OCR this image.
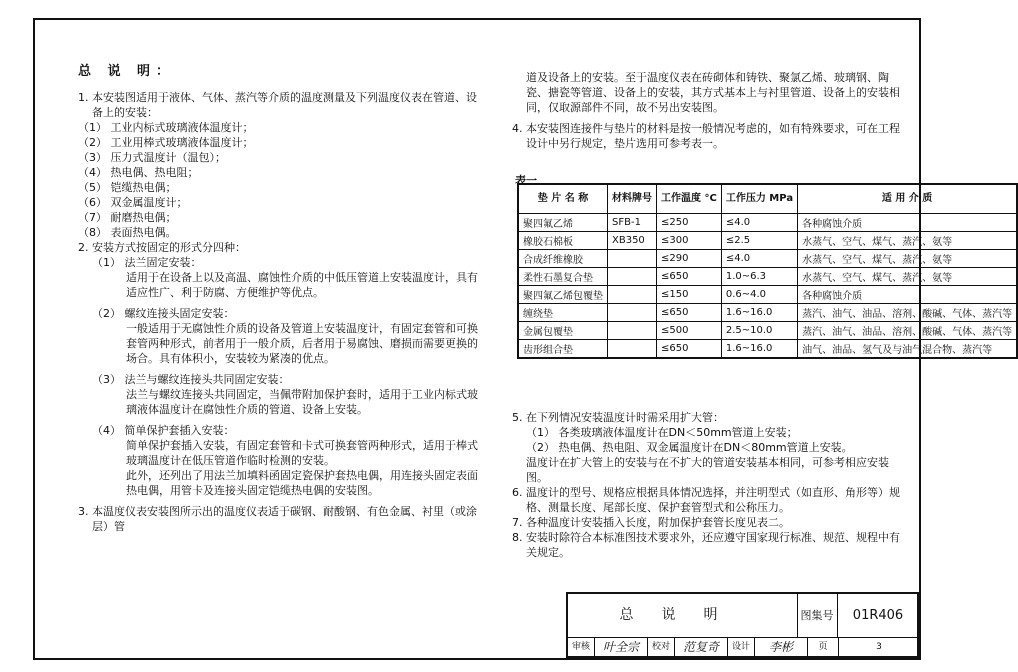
总 说 明：

1. 本安装图适用于液体、气体、蒸汽等介质的温度测量及下列温度仪表在管道、设备上的安装：

（1） 工业内标式玻璃液体温度计；
（2） 工业用棒式玻璃液体温度计；
（3） 压力式温度计（温包）；
（4） 热电偶、热电阻；
（5） 铠缆热电偶；
（6） 双金属温度计；
（7） 耐磨热电偶；
（8） 表面热电偶。

2. 安装方式按固定的形式分四种：

（1） 法兰固定安装：

适用于在设备上以及高温、腐蚀性介质的中低压管道上安装温度计，具有适应性广、利于防腐、方便维护等优点。

（2） 螺纹连接头固定安装：

一般适用于无腐蚀性介质的设备及管道上安装温度计，有固定套管和可换套管两种形式，前者用于一般介质，后者用于易腐蚀、磨损而需要更换的场合。具有体积小，安装较为紧凑的优点。

（3） 法兰与螺纹连接头共同固定安装：

法兰与螺纹连接头共同固定，当佩带附加保护套时，适用于工业内标式玻璃液体温度计在腐蚀性介质的管道、设备上安装。

（4） 简单保护套插入安装：

简单保护套插入安装，有固定套管和卡式可换套管两种形式，适用于棒式玻璃温度计在低压管道作临时检测的安装。

此外，还列出了用法兰加填料函固定瓷保护套热电偶，用连接头固定表面热电偶，用管卡及连接头固定铠缆热电偶的安装图。

3. 本温度仪表安装图所示出的温度仪表适于碳钢、耐酸钢、有色金属、衬里（或涂层）管

道及设备上的安装。至于温度仪表在砖砌体和铸铁、聚氯乙烯、玻璃钢、陶瓷、搪瓷等管道、设备上的安装，其方式基本上与衬里管道、设备上的安装相同，仅取源部件不同，故不另出安装图。

4. 本安装图连接件与垫片的材料是按一般情况考虑的，如有特殊要求，可在工程设计中另行规定，垫片选用可参考表一。

表一
垫 片 名 称	材料牌号	工作温度 °C	工作压力 MPa	适 用 介 质
聚四氟乙烯	SFB-1	≤250	≤4.0	各种腐蚀介质
橡胶石棉板	XB350	≤300	≤2.5	水蒸气、空气、煤气、蒸汽、氨等
合成纤维橡胶		≤290	≤4.0	水蒸气、空气、煤气、蒸汽、氨等
柔性石墨复合垫		≤650	1.0~6.3	水蒸气、空气、煤气、蒸汽、氨等
聚四氟乙烯包覆垫		≤150	0.6~4.0	各种腐蚀介质
缠绕垫		≤650	1.6~16.0	蒸汽、油气、油品、溶剂、酸碱、气体、蒸汽等
金属包覆垫		≤500	2.5~10.0	蒸汽、油气、油品、溶剂、酸碱、气体、蒸汽等
齿形组合垫		≤650	1.6~16.0	油气、油品、氢气及与油气混合物、蒸汽等

5. 在下列情况安装温度计时需采用扩大管：

（1） 各类玻璃液体温度计在DN＜50mm管道上安装；

（2） 热电偶、热电阻、双金属温度计在DN＜80mm管道上安装。

温度计在扩大管上的安装与在不扩大的管道安装基本相同，可参考相应安装图。

6. 温度计的型号、规格应根据具体情况选择，并注明型式（如直形、角形等）规格、测量长度、尾部长度、保护套管型式和公称压力。

7. 各种温度计安装插入长度，附加保护套管长度见表二。

8. 安装时除符合本标准图技术要求外，还应遵守国家现行标准、规范、规程中有关规定。

总说明	图集号	01R406
审核	叶全宗	校对	范复奇	设计	李彬	页	3
